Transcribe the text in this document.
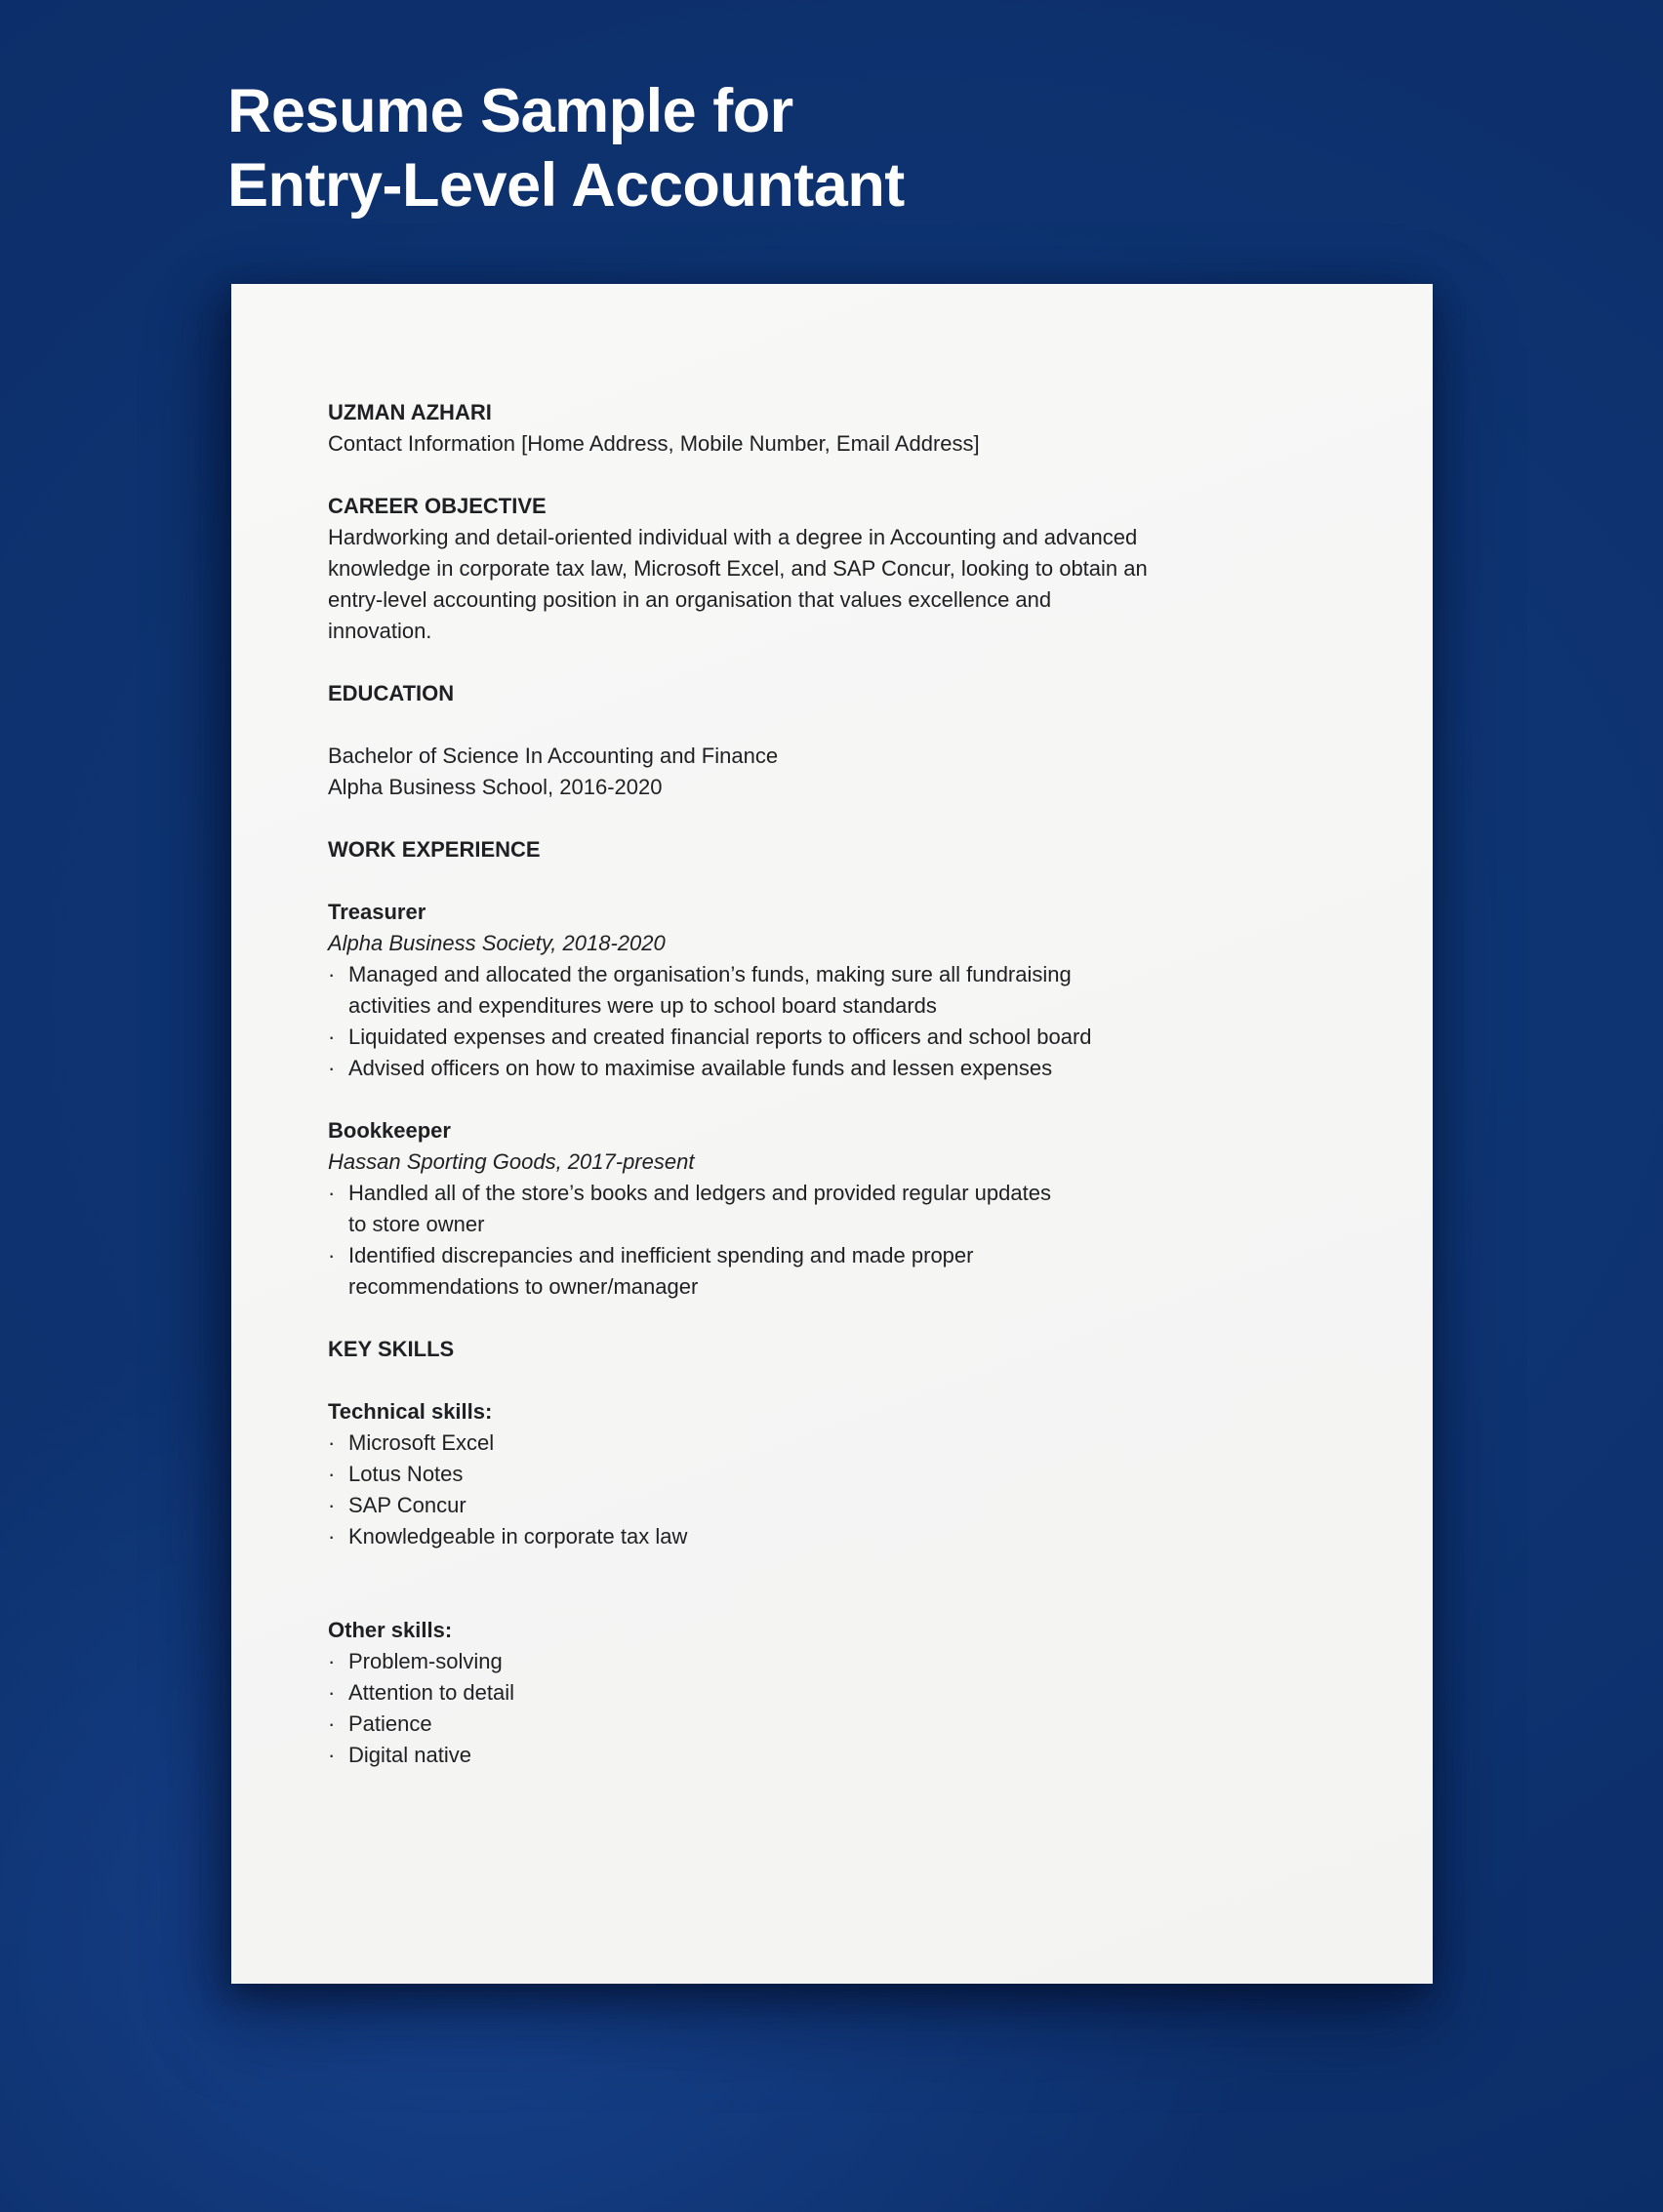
Resume Sample for
Entry-Level Accountant
UZMAN AZHARI
Contact Information [Home Address, Mobile Number, Email Address]
CAREER OBJECTIVE
Hardworking and detail-oriented individual with a degree in Accounting and advanced
knowledge in corporate tax law, Microsoft Excel, and SAP Concur, looking to obtain an
entry-level accounting position in an organisation that values excellence and
innovation.
EDUCATION
Bachelor of Science In Accounting and Finance
Alpha Business School, 2016-2020
WORK EXPERIENCE
Treasurer
Alpha Business Society, 2018-2020
· Managed and allocated the organisation’s funds, making sure all fundraising
activities and expenditures were up to school board standards
· Liquidated expenses and created financial reports to officers and school board
· Advised officers on how to maximise available funds and lessen expenses
Bookkeeper
Hassan Sporting Goods, 2017-present
· Handled all of the store’s books and ledgers and provided regular updates
to store owner
· Identified discrepancies and inefficient spending and made proper
recommendations to owner/manager
KEY SKILLS
Technical skills:
· Microsoft Excel
· Lotus Notes
· SAP Concur
· Knowledgeable in corporate tax law
Other skills:
· Problem-solving
· Attention to detail
· Patience
· Digital native
